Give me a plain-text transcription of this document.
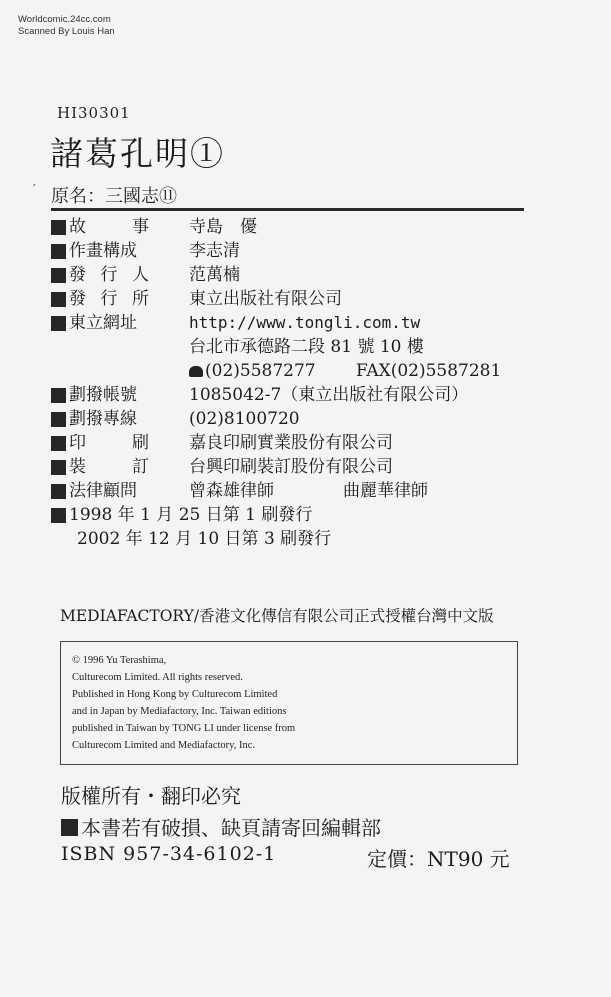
Worldcomic.24cc.com
Scanned By Louis Han
HI30301
諸葛孔明①
′ 原名：三國志⑪
故	事 寺島　優
作畫構成	李志清
發 行 人 范萬楠
發 行 所 東立出版社有限公司
東立網址	http://www.tongli.com.tw
台北市承德路二段 81 號 10 樓
(02)5587277 FAX(02)5587281
劃撥帳號	1085042-7（東立出版社有限公司）
劃撥專線	(02)8100720
印	刷 嘉良印刷實業股份有限公司
裝	訂 台興印刷裝訂股份有限公司
法律顧問	曾森雄律師	曲麗華律師
1998 年 1 月 25 日第 1 刷發行
2002 年 12 月 10 日第 3 刷發行
MEDIAFACTORY/香港文化傳信有限公司正式授權台灣中文版
© 1996 Yu Terashima,
Culturecom Limited. All rights reserved.
Published in Hong Kong by Culturecom Limited
and in Japan by Mediafactory, Inc. Taiwan editions
published in Taiwan by TONG LI under license from
Culturecom Limited and Mediafactory, Inc.
版權所有・翻印必究
本書若有破損、缺頁請寄回編輯部
ISBN 957-34-6102-1	定價：NT90 元
